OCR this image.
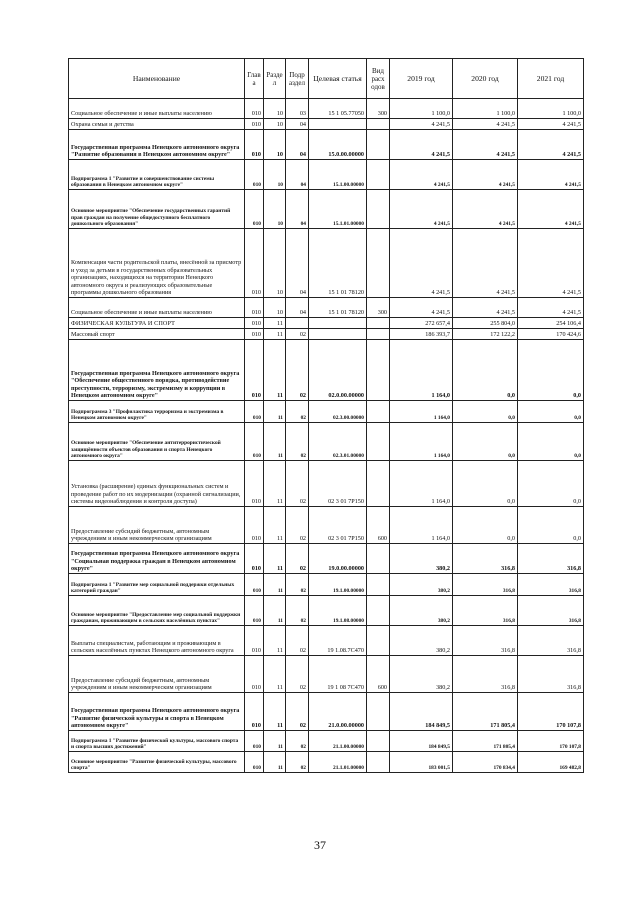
Наименование	Глав а	Разде л	Подр аздел	Целевая статья	Вид расх одов	2019 год	2020 год	2021 год
Социальное обеспечение и иные выплаты населению	010	10	03	15 1 05.77050	300	1 100,0	1 100,0	1 100,0
Охрана семьи и детства	010	10	04			4 241,5	4 241,5	4 241,5
Государственная программа Ненецкого автономного округа "Развитие образования в Ненецком автономном округе"	010	10	04	15.0.00.00000		4 241,5	4 241,5	4 241,5
Подпрограмма 1 "Развитие и совершенствование системы образования в Ненецком автономном округе"	010	10	04	15.1.00.00000		4 241,5	4 241,5	4 241,5
Основное мероприятие "Обеспечение государственных гарантий прав граждан на получение общедоступного бесплатного дошкольного образования"	010	10	04	15.1.01.00000		4 241,5	4 241,5	4 241,5
Компенсация части родительской платы, внесённой за присмотр и уход за детьми в государственных образовательных организациях, находящихся на территории Ненецкого автономного округа и реализующих образовательные программы дошкольного образования	010	10	04	15 1 01 78120		4 241,5	4 241,5	4 241,5
Социальное обеспечение и иные выплаты населению	010	10	04	15 1 01 78120	300	4 241,5	4 241,5	4 241,5
ФИЗИЧЕСКАЯ КУЛЬТУРА И СПОРТ	010	11				272 657,4	255 804,0	254 106,4
Массовый спорт	010	11	02			186 393,7	172 122,2	170 424,6
Государственная программа Ненецкого автономного округа "Обеспечение общественного порядка, противодействие преступности, терроризму, экстремизму и коррупции в Ненецком автономном округе"	010	11	02	02.0.00.00000		1 164,0	0,0	0,0
Подпрограмма 3 "Профилактика терроризма и экстремизма в Ненецком автономном округе"	010	11	02	02.3.00.00000		1 164,0	0,0	0,0
Основное мероприятие "Обеспечение антитеррористической защищённости объектов образования и спорта Ненецкого автономного округа"	010	11	02	02.3.01.00000		1 164,0	0,0	0,0
Установка (расширение) единых функциональных систем и проведение работ по их модернизации (охранной сигнализации, системы видеонаблюдения и контроля доступа)	010	11	02	02 3 01 7P150		1 164,0	0,0	0,0
Предоставление субсидий бюджетным, автономным учреждениям и иным некоммерческим организациям	010	11	02	02 3 01 7P150	600	1 164,0	0,0	0,0
Государственная программа Ненецкого автономного округа "Социальная поддержка граждан в Ненецком автономном округе"	010	11	02	19.0.00.00000		380,2	316,8	316,8
Подпрограмма 1 "Развитие мер социальной поддержки отдельных категорий граждан"	010	11	02	19.1.00.00000		380,2	316,8	316,8
Основное мероприятие "Предоставление мер социальной поддержки гражданам, проживающим в сельских населённых пунктах"	010	11	02	19.1.08.00000		380,2	316,8	316,8
Выплаты специалистам, работающим и проживающим в сельских населённых пунктах Ненецкого автономного округа	010	11	02	19 1.08.7C470		380,2	316,8	316,8
Предоставление субсидий бюджетным, автономным учреждениям и иным некоммерческим организациям	010	11	02	19 1 08 7C470	600	380,2	316,8	316,8
Государственная программа Ненецкого автономного округа "Развитие физической культуры и спорта в Ненецком автономном округе"	010	11	02	21.0.00.00000		184 849,5	171 805,4	170 107,8
Подпрограмма 1 "Развитие физической культуры, массового спорта и спорта высших достижений"	010	11	02	21.1.00.00000		184 849,5	171 805,4	170 107,8
Основное мероприятие "Развитие физической культуры, массового спорта"	010	11	02	21.1.01.00000		183 001,5	170 834,4	169 482,8
37
